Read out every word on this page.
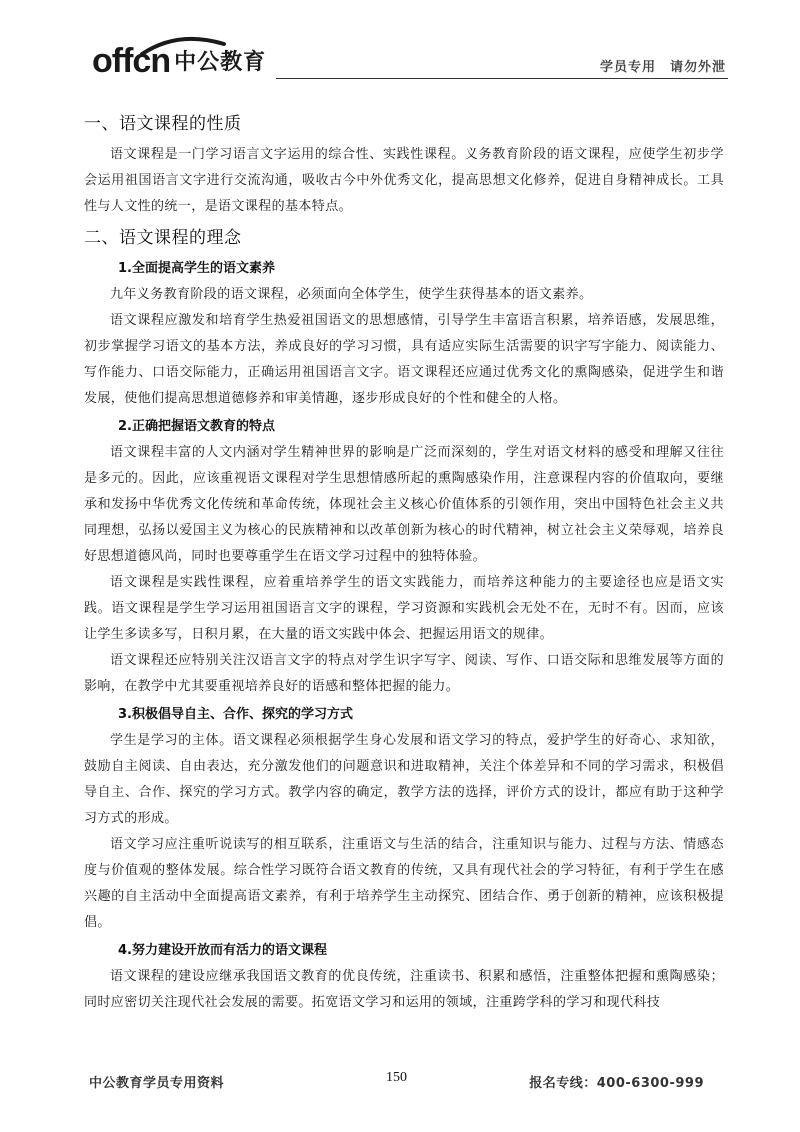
offcn 中公教育	学员专用　请勿外泄
一、语文课程的性质

语文课程是一门学习语言文字运用的综合性、实践性课程。义务教育阶段的语文课程，应使学生初步学会运用祖国语言文字进行交流沟通，吸收古今中外优秀文化，提高思想文化修养，促进自身精神成长。工具性与人文性的统一，是语文课程的基本特点。

二、语文课程的理念
1.全面提高学生的语文素养

九年义务教育阶段的语文课程，必须面向全体学生，使学生获得基本的语文素养。

语文课程应激发和培育学生热爱祖国语文的思想感情，引导学生丰富语言积累，培养语感，发展思维，初步掌握学习语文的基本方法，养成良好的学习习惯，具有适应实际生活需要的识字写字能力、阅读能力、写作能力、口语交际能力，正确运用祖国语言文字。语文课程还应通过优秀文化的熏陶感染，促进学生和谐发展，使他们提高思想道德修养和审美情趣，逐步形成良好的个性和健全的人格。

2.正确把握语文教育的特点

语文课程丰富的人文内涵对学生精神世界的影响是广泛而深刻的，学生对语文材料的感受和理解又往往是多元的。因此，应该重视语文课程对学生思想情感所起的熏陶感染作用，注意课程内容的价值取向，要继承和发扬中华优秀文化传统和革命传统，体现社会主义核心价值体系的引领作用，突出中国特色社会主义共同理想，弘扬以爱国主义为核心的民族精神和以改革创新为核心的时代精神，树立社会主义荣辱观，培养良好思想道德风尚，同时也要尊重学生在语文学习过程中的独特体验。

语文课程是实践性课程，应着重培养学生的语文实践能力，而培养这种能力的主要途径也应是语文实践。语文课程是学生学习运用祖国语言文字的课程，学习资源和实践机会无处不在，无时不有。因而，应该让学生多读多写，日积月累，在大量的语文实践中体会、把握运用语文的规律。

语文课程还应特别关注汉语言文字的特点对学生识字写字、阅读、写作、口语交际和思维发展等方面的影响，在教学中尤其要重视培养良好的语感和整体把握的能力。

3.积极倡导自主、合作、探究的学习方式

学生是学习的主体。语文课程必须根据学生身心发展和语文学习的特点，爱护学生的好奇心、求知欲，鼓励自主阅读、自由表达，充分激发他们的问题意识和进取精神，关注个体差异和不同的学习需求，积极倡导自主、合作、探究的学习方式。教学内容的确定，教学方法的选择，评价方式的设计，都应有助于这种学习方式的形成。

语文学习应注重听说读写的相互联系，注重语文与生活的结合，注重知识与能力、过程与方法、情感态度与价值观的整体发展。综合性学习既符合语文教育的传统，又具有现代社会的学习特征，有利于学生在感兴趣的自主活动中全面提高语文素养，有利于培养学生主动探究、团结合作、勇于创新的精神，应该积极提倡。

4.努力建设开放而有活力的语文课程

语文课程的建设应继承我国语文教育的优良传统，注重读书、积累和感悟，注重整体把握和熏陶感染；同时应密切关注现代社会发展的需要。拓宽语文学习和运用的领域，注重跨学科的学习和现代科技

中公教育学员专用资料	150	报名专线：400-6300-999
